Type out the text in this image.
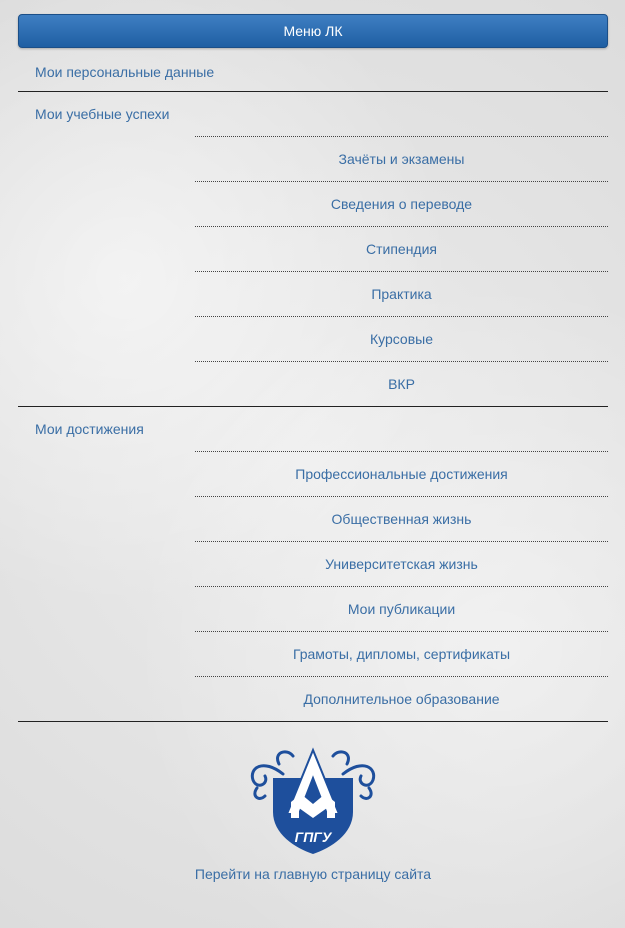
Меню ЛК
Мои персональные данные
Мои учебные успехи
Зачёты и экзамены
Сведения о переводе
Стипендия
Практика
Курсовые
ВКР
Мои достижения
Профессиональные достижения
Общественная жизнь
Университетская жизнь
Мои публикации
Грамоты, дипломы, сертификаты
Дополнительное образование
ГПГУ
Перейти на главную страницу сайта
